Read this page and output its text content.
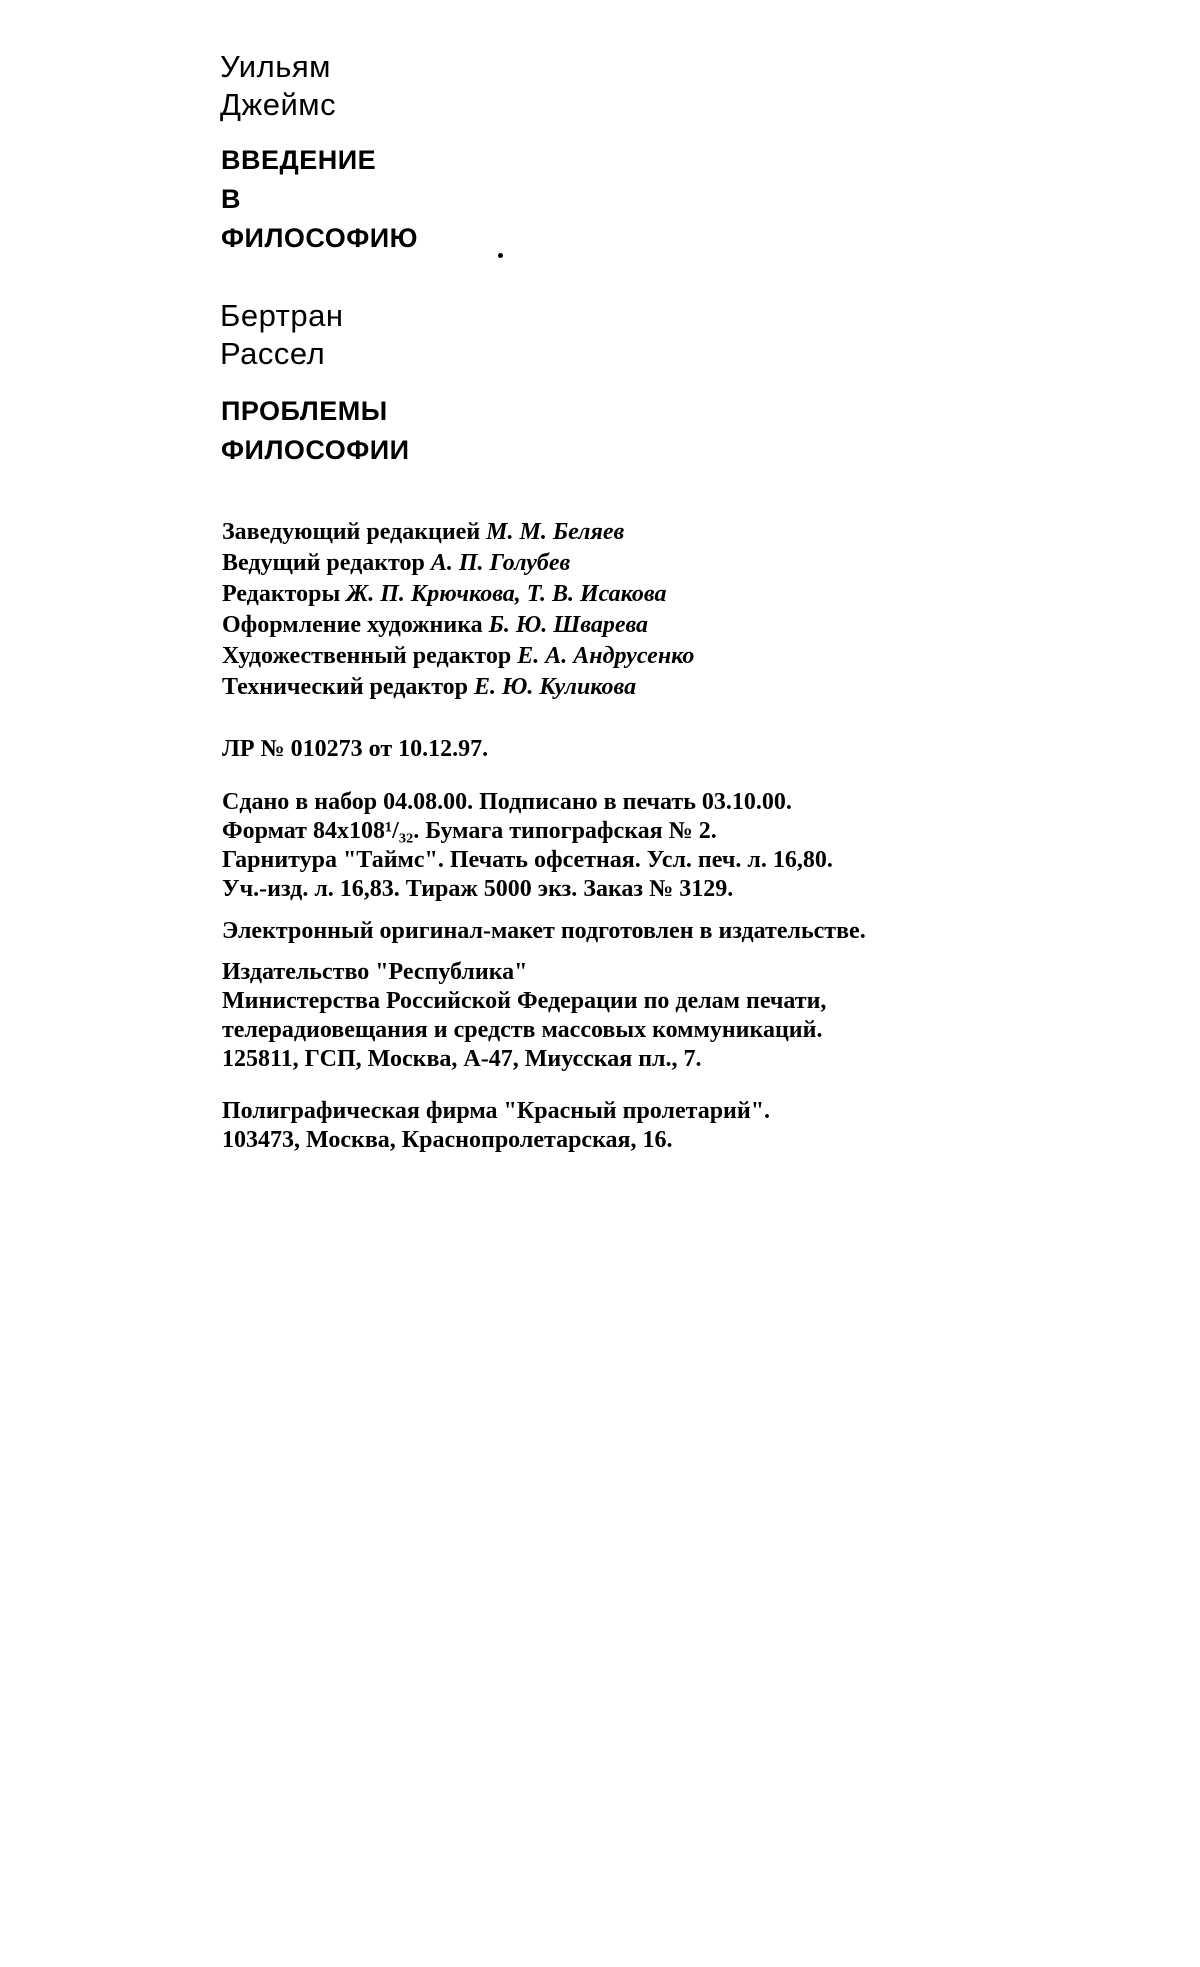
Уильям
Джеймс
ВВЕДЕНИЕ
В
ФИЛОСОФИЮ
Бертран
Рассел
ПРОБЛЕМЫ
ФИЛОСОФИИ
Заведующий редакцией М. М. Беляев
Ведущий редактор А. П. Голубев
Редакторы Ж. П. Крючкова, Т. В. Исакова
Оформление художника Б. Ю. Шварева
Художественный редактор Е. А. Андрусенко
Технический редактор Е. Ю. Куликова
ЛР № 010273 от 10.12.97.
Сдано в набор 04.08.00. Подписано в печать 03.10.00.
Формат 84x108¹/₃₂. Бумага типографская № 2.
Гарнитура "Таймс". Печать офсетная. Усл. печ. л. 16,80.
Уч.-изд. л. 16,83. Тираж 5000 экз. Заказ № 3129.
Электронный оригинал-макет подготовлен в издательстве.
Издательство "Республика"
Министерства Российской Федерации по делам печати,
телерадиовещания и средств массовых коммуникаций.
125811, ГСП, Москва, А-47, Миусская пл., 7.
Полиграфическая фирма "Красный пролетарий".
103473, Москва, Краснопролетарская, 16.
